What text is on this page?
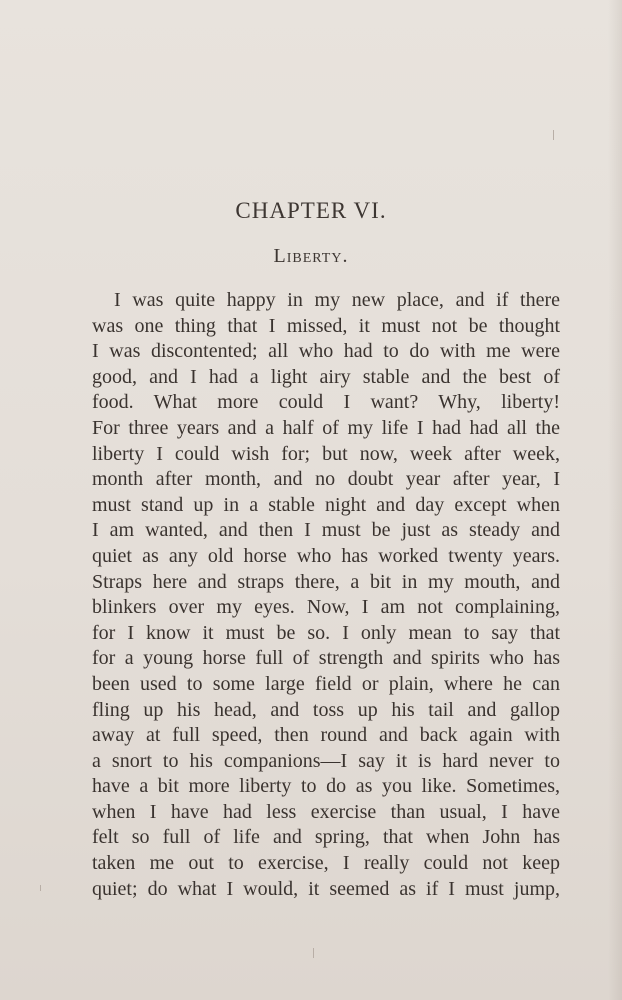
CHAPTER VI.
Liberty.
I was quite happy in my new place, and if there
was one thing that I missed, it must not be thought
I was discontented; all who had to do with me were
good, and I had a light airy stable and the best of
food. What more could I want? Why, liberty!
For three years and a half of my life I had had all the
liberty I could wish for; but now, week after week,
month after month, and no doubt year after year, I
must stand up in a stable night and day except when
I am wanted, and then I must be just as steady and
quiet as any old horse who has worked twenty years.
Straps here and straps there, a bit in my mouth, and
blinkers over my eyes. Now, I am not complaining,
for I know it must be so. I only mean to say that
for a young horse full of strength and spirits who has
been used to some large field or plain, where he can
fling up his head, and toss up his tail and gallop
away at full speed, then round and back again with
a snort to his companions—I say it is hard never to
have a bit more liberty to do as you like. Sometimes,
when I have had less exercise than usual, I have
felt so full of life and spring, that when John has
taken me out to exercise, I really could not keep
quiet; do what I would, it seemed as if I must jump,
